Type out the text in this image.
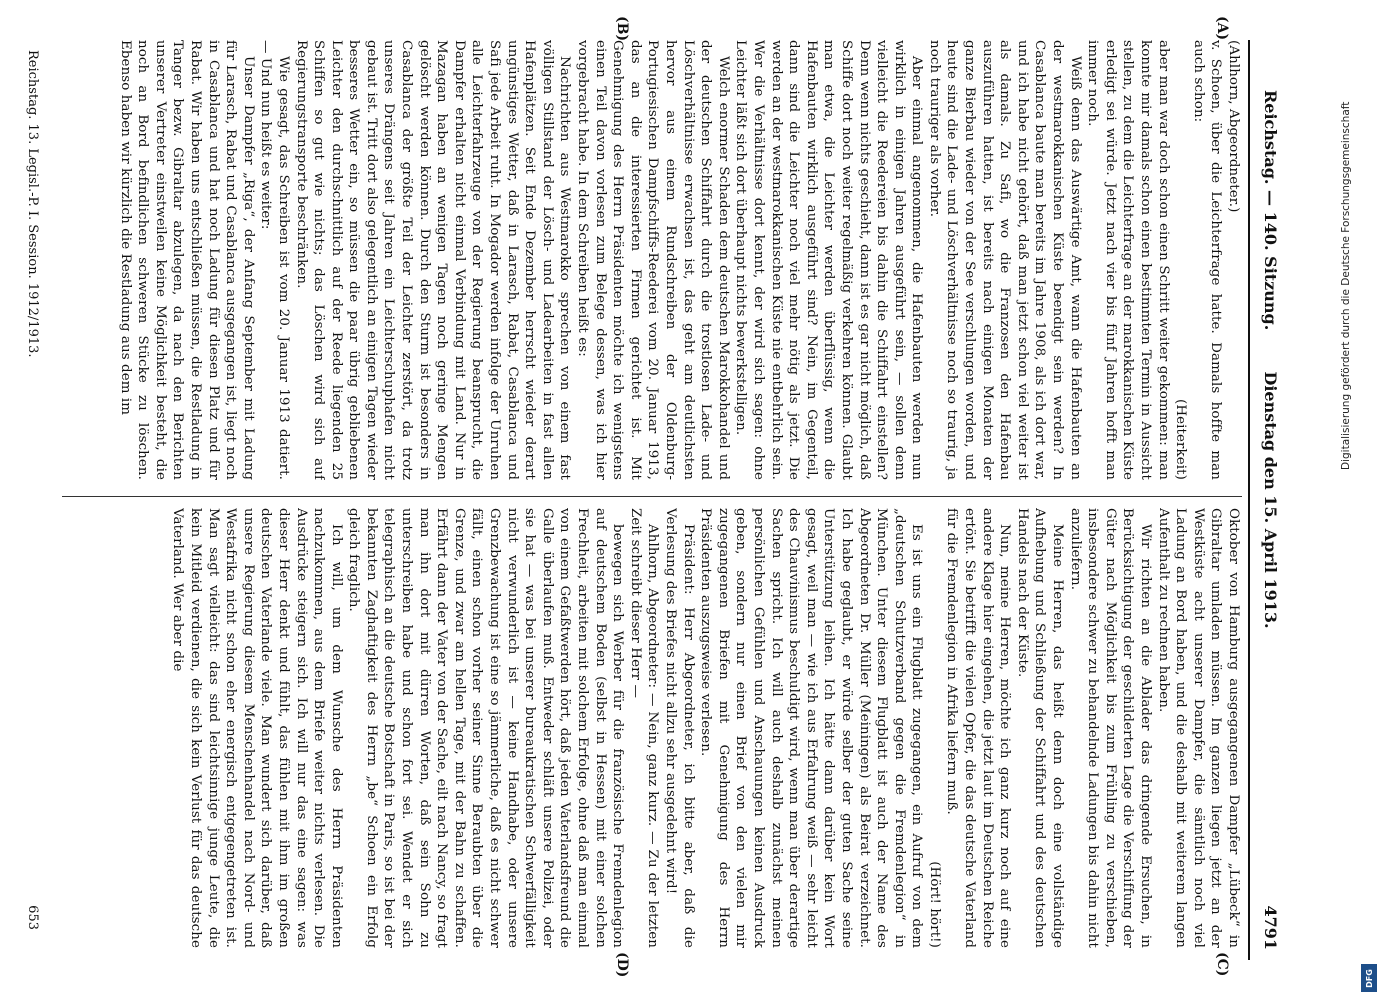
Reichstag. — 140. Sitzung.
Dienstag den 15. April 1913.
4791
(A)
(B)
(C)
(D)

(Ahlhorn, Abgeordneter.)

v. Schoen, über die Leichterfrage hatte. Damals hoffte man auch schon:

(Heiterkeit)

aber man war doch schon einen Schritt weiter gekommen: man konnte mir damals schon einen bestimmten Termin in Aussicht stellen, zu dem die Leichterfrage an der marokkanischen Küste erledigt sei würde. Jetzt nach vier bis fünf Jahren hofft man immer noch.

Weiß denn das Auswärtige Amt, wann die Hafenbauten an der westmarokkanischen Küste beendigt sein werden? In Casablanca baute man bereits im Jahre 1908, als ich dort war, und ich habe nicht gehört, daß man jetzt schon viel weiter ist als damals. Zu Safi, wo die Franzosen den Hafenbau auszuführen hatten, ist bereits nach einigen Monaten der ganze Bierbau wieder von der See verschlungen worden, und heute sind die Lade- und Löschverhältnisse noch so traurig, ja noch trauriger als vorher.

Aber einmal angenommen, die Hafenbauten werden nun wirklich in einigen Jahren ausgeführt sein, — sollen denn vielleicht die Reedereien bis dahin die Schiffahrt einstellen? Denn wenn nichts geschieht, dann ist es gar nicht möglich, daß Schiffe dort noch weiter regelmäßig verkehren können. Glaubt man etwa, die Leichter werden überflüssig, wenn die Hafenbauten wirklich ausgeführt sind? Nein, im Gegenteil, dann sind die Leichter noch viel mehr nötig als jetzt. Die werden an der westmarokkanischen Küste nie entbehrlich sein. Wer die Verhältnisse dort kennt, der wird sich sagen: ohne Leichter läßt sich dort überhaupt nichts bewerkstelligen.

Welch enormer Schaden dem deutschen Marokkohandel und der deutschen Schiffahrt durch die trostlosen Lade- und Löschverhältnisse erwachsen ist, das geht am deutlichsten hervor aus einem Rundschreiben der Oldenburg-Portugiesischen Dampfschiffs-Reederei vom 20. Januar 1913, das an die interessierten Firmen gerichtet ist. Mit Genehmigung des Herrn Präsidenten möchte ich wenigstens einen Teil davon vorlesen zum Belege dessen, was ich hier vorgebracht habe. In dem Schreiben heißt es:

Nachrichten aus Westmarokko sprechen von einem fast völligen Stillstand der Lösch- und Ladearbeiten in fast allen Hafenplätzen. Seit Ende Dezember herrscht wieder derart ungünstiges Wetter, daß in Larasch, Rabat, Casablanca und Safi jede Arbeit ruht. In Mogador werden infolge der Unruhen alle Leichterfahrzeuge von der Regierung beansprucht, die Dampfer erhalten nicht einmal Verbindung mit Land. Nur in Mazagan haben an wenigen Tagen noch geringe Mengen gelöscht werden können. Durch den Sturm ist besonders in Casablanca der größte Teil der Leichter zerstört, da trotz unseres Drängens seit Jahren ein Leichterschuphafen nicht gebaut ist. Tritt dort also gelegentlich an einigen Tagen wieder besseres Wetter ein, so müssen die paar übrig gebliebenen Leichter den durchschnittlich auf der Reede liegenden 25 Schiffen so gut wie nichts; das Löschen wird sich auf Regierungstransporte beschränken.

Wie gesagt, das Schreiben ist vom 20. Januar 1913 datiert. — Und nun heißt es weiter:

Unser Dampfer „Riga“, der Anfang September mit Ladung für Larasch, Rabat und Casablanca ausgegangen ist, liegt noch in Casablanca und hat noch Ladung für diesen Platz und für Rabat. Wir haben uns entschließen müssen, die Restladung in Tanger bezw. Gibraltar abzulegen, da nach den Berichten unserer Vertreter einstweilen keine Möglichkeit besteht, die noch an Bord befindlichen schweren Stücke zu löschen. Ebenso haben wir kürzlich die Restladung aus dem im

Oktober von Hamburg ausgegangenen Dampfer „Lübeck“ in Gibraltar umladen müssen. Im ganzen liegen jetzt an der Westküste acht unserer Dampfer, die sämtlich noch viel Ladung an Bord haben, und die deshalb mit weiterem langen Aufenthalt zu rechnen haben.

Wir richten an die Ablader das dringende Ersuchen, in Berücksichtigung der geschilderten Lage die Verschiffung der Güter nach Möglichkeit bis zum Frühling zu verschieben, insbesondere schwer zu behandelnde Ladungen bis dahin nicht anzuliefern.

Meine Herren, das heißt denn doch eine vollständige Aufhebung und Schließung der Schiffahrt und des deutschen Handels nach der Küste.

Nun, meine Herren, möchte ich ganz kurz noch auf eine andere Klage hier eingehen, die jetzt laut im Deutschen Reiche ertönt. Sie betrifft die vielen Opfer, die das deutsche Vaterland für die Fremdenlegion in Afrika liefern muß.

(Hört! hört!)

Es ist uns ein Flugblatt zugegangen, ein Aufruf von dem „deutschen Schutzverband gegen die Fremdenlegion“ in München. Unter diesem Flugblatt ist auch der Name des Abgeordneten Dr. Müller (Meiningen) als Beirat verzeichnet. Ich habe geglaubt, er würde selber der guten Sache seine Unterstützung leihen. Ich hätte dann darüber kein Wort gesagt, weil man — wie ich aus Erfahrung weiß — sehr leicht des Chauvinismus beschuldigt wird, wenn man über derartige Sachen spricht. Ich will auch deshalb zunächst meinen persönlichen Gefühlen und Anschauungen keinen Ausdruck geben, sondern nur einen Brief von den vielen mir zugegangenen Briefen mit Genehmigung des Herrn Präsidenten auszugsweise verlesen.

Präsident: Herr Abgeordneter, ich bitte aber, daß die Verlesung des Briefes nicht allzu sehr ausgedehnt wird!

Ahlhorn, Abgeordneter: — Nein, ganz kurz. — Zu der letzten Zeit schreibt dieser Herr —

bewegen sich Werber für die französische Fremdenlegion auf deutschem Boden (selbst in Hessen) mit einer solchen Frechheit, arbeiten mit solchem Erfolge, ohne daß man einmal von einem Gefaßtwerden hört, daß jeden Vaterlandsfreund die Galle überlaufen muß. Entweder schläft unsere Polizei, oder sie hat — was bei unserer bureaukratischen Schwerfälligkeit nicht verwunderlich ist — keine Handhabe, oder unsere Grenzbewachung ist eine so jämmerliche, daß es nicht schwer fällt, einen schon vorher seiner Sinne Beraubten über die Grenze, und zwar am hellen Tage, mit der Bahn zu schaffen. Erfährt dann der Vater von der Sache, eilt nach Nancy, so fragt man ihn dort mit dürren Worten, daß sein Sohn zu unterschreiben habe und schon fort sei. Wendet er sich telegraphisch an die deutsche Botschaft in Paris, so ist bei der bekannten Zaghaftigkeit des Herrn „be“ Schoen ein Erfolg gleich fraglich.

Ich will, um dem Wunsche des Herrn Präsidenten nachzukommen, aus dem Briefe weiter nichts verlesen. Die Ausdrücke steigern sich. Ich will nur das eine sagen: was dieser Herr denkt und fühlt, das fühlen mit ihm im großen deutschen Vaterlande viele. Man wundert sich darüber, daß unsere Regierung diesem Menschenhandel nach Nord- und Westafrika nicht schon eher energisch entgegengetreten ist. Man sagt vielleicht: das sind leichtsinnige junge Leute, die kein Mitleid verdienen, die sich kein Verlust für das deutsche Vaterland. Wer aber die

Reichstag. 13. Legisl.-P. I. Session. 1912/1913.
653
Digitalisierung gefördert durch die Deutsche Forschungsgemeinschaft
DFG
